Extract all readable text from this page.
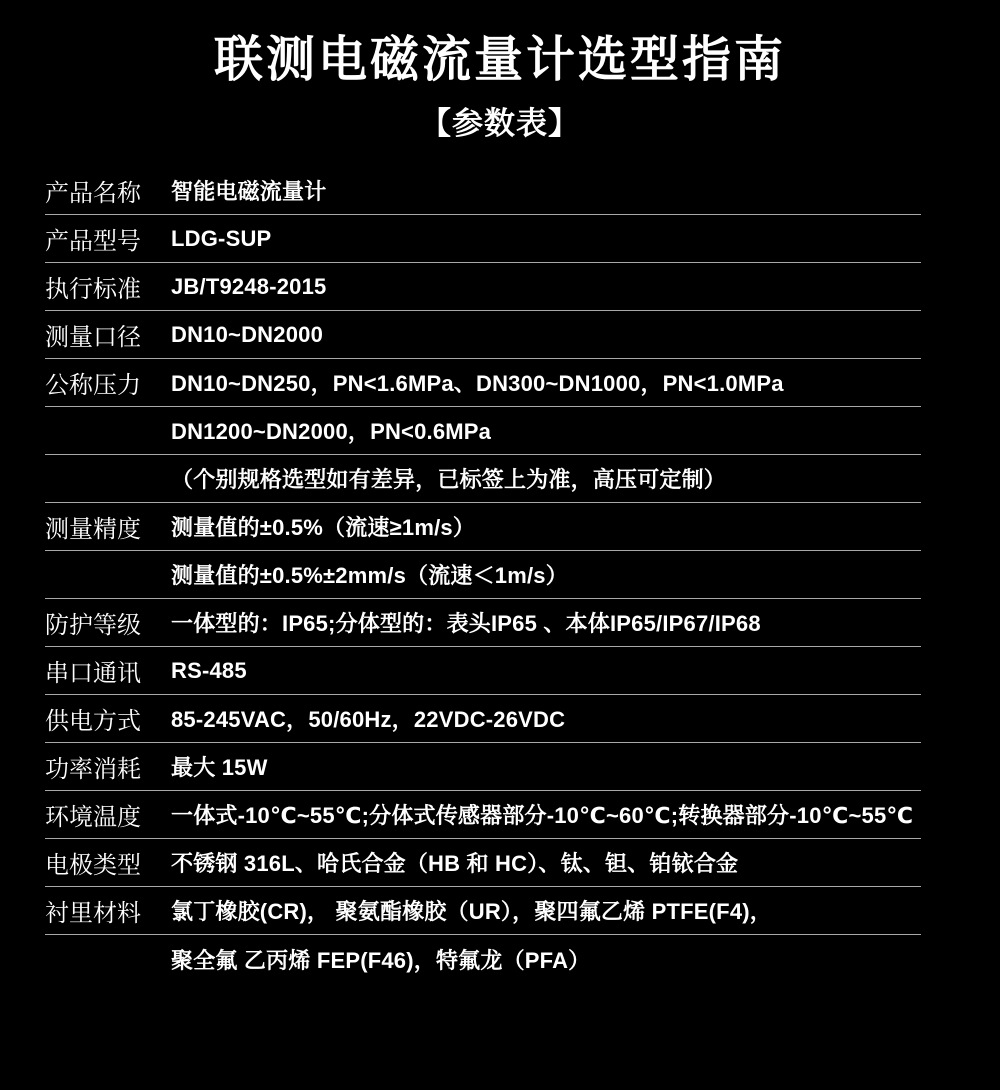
联测电磁流量计选型指南
【参数表】
产品名称	智能电磁流量计
产品型号	LDG-SUP
执行标准	JB/T9248-2015
测量口径	DN10~DN2000
公称压力	DN10~DN250，PN<1.6MPa、DN300~DN1000，PN<1.0MPa
DN1200~DN2000，PN<0.6MPa
（个别规格选型如有差异，已标签上为准，高压可定制）
测量精度	测量值的±0.5%（流速≥1m/s）
测量值的±0.5%±2mm/s（流速＜1m/s）
防护等级	一体型的：IP65;分体型的：表头IP65 、本体IP65/IP67/IP68
串口通讯	RS-485
供电方式	85-245VAC，50/60Hz，22VDC-26VDC
功率消耗	最大 15W
环境温度	一体式-10℃~55℃;分体式传感器部分-10℃~60℃;转换器部分-10℃~55℃
电极类型	不锈钢 316L、哈氏合金（HB 和 HC）、钛、钽、铂铱合金
衬里材料	氯丁橡胶(CR)， 聚氨酯橡胶（UR），聚四氟乙烯 PTFE(F4)，
聚全氟 乙丙烯 FEP(F46)，特氟龙（PFA）
